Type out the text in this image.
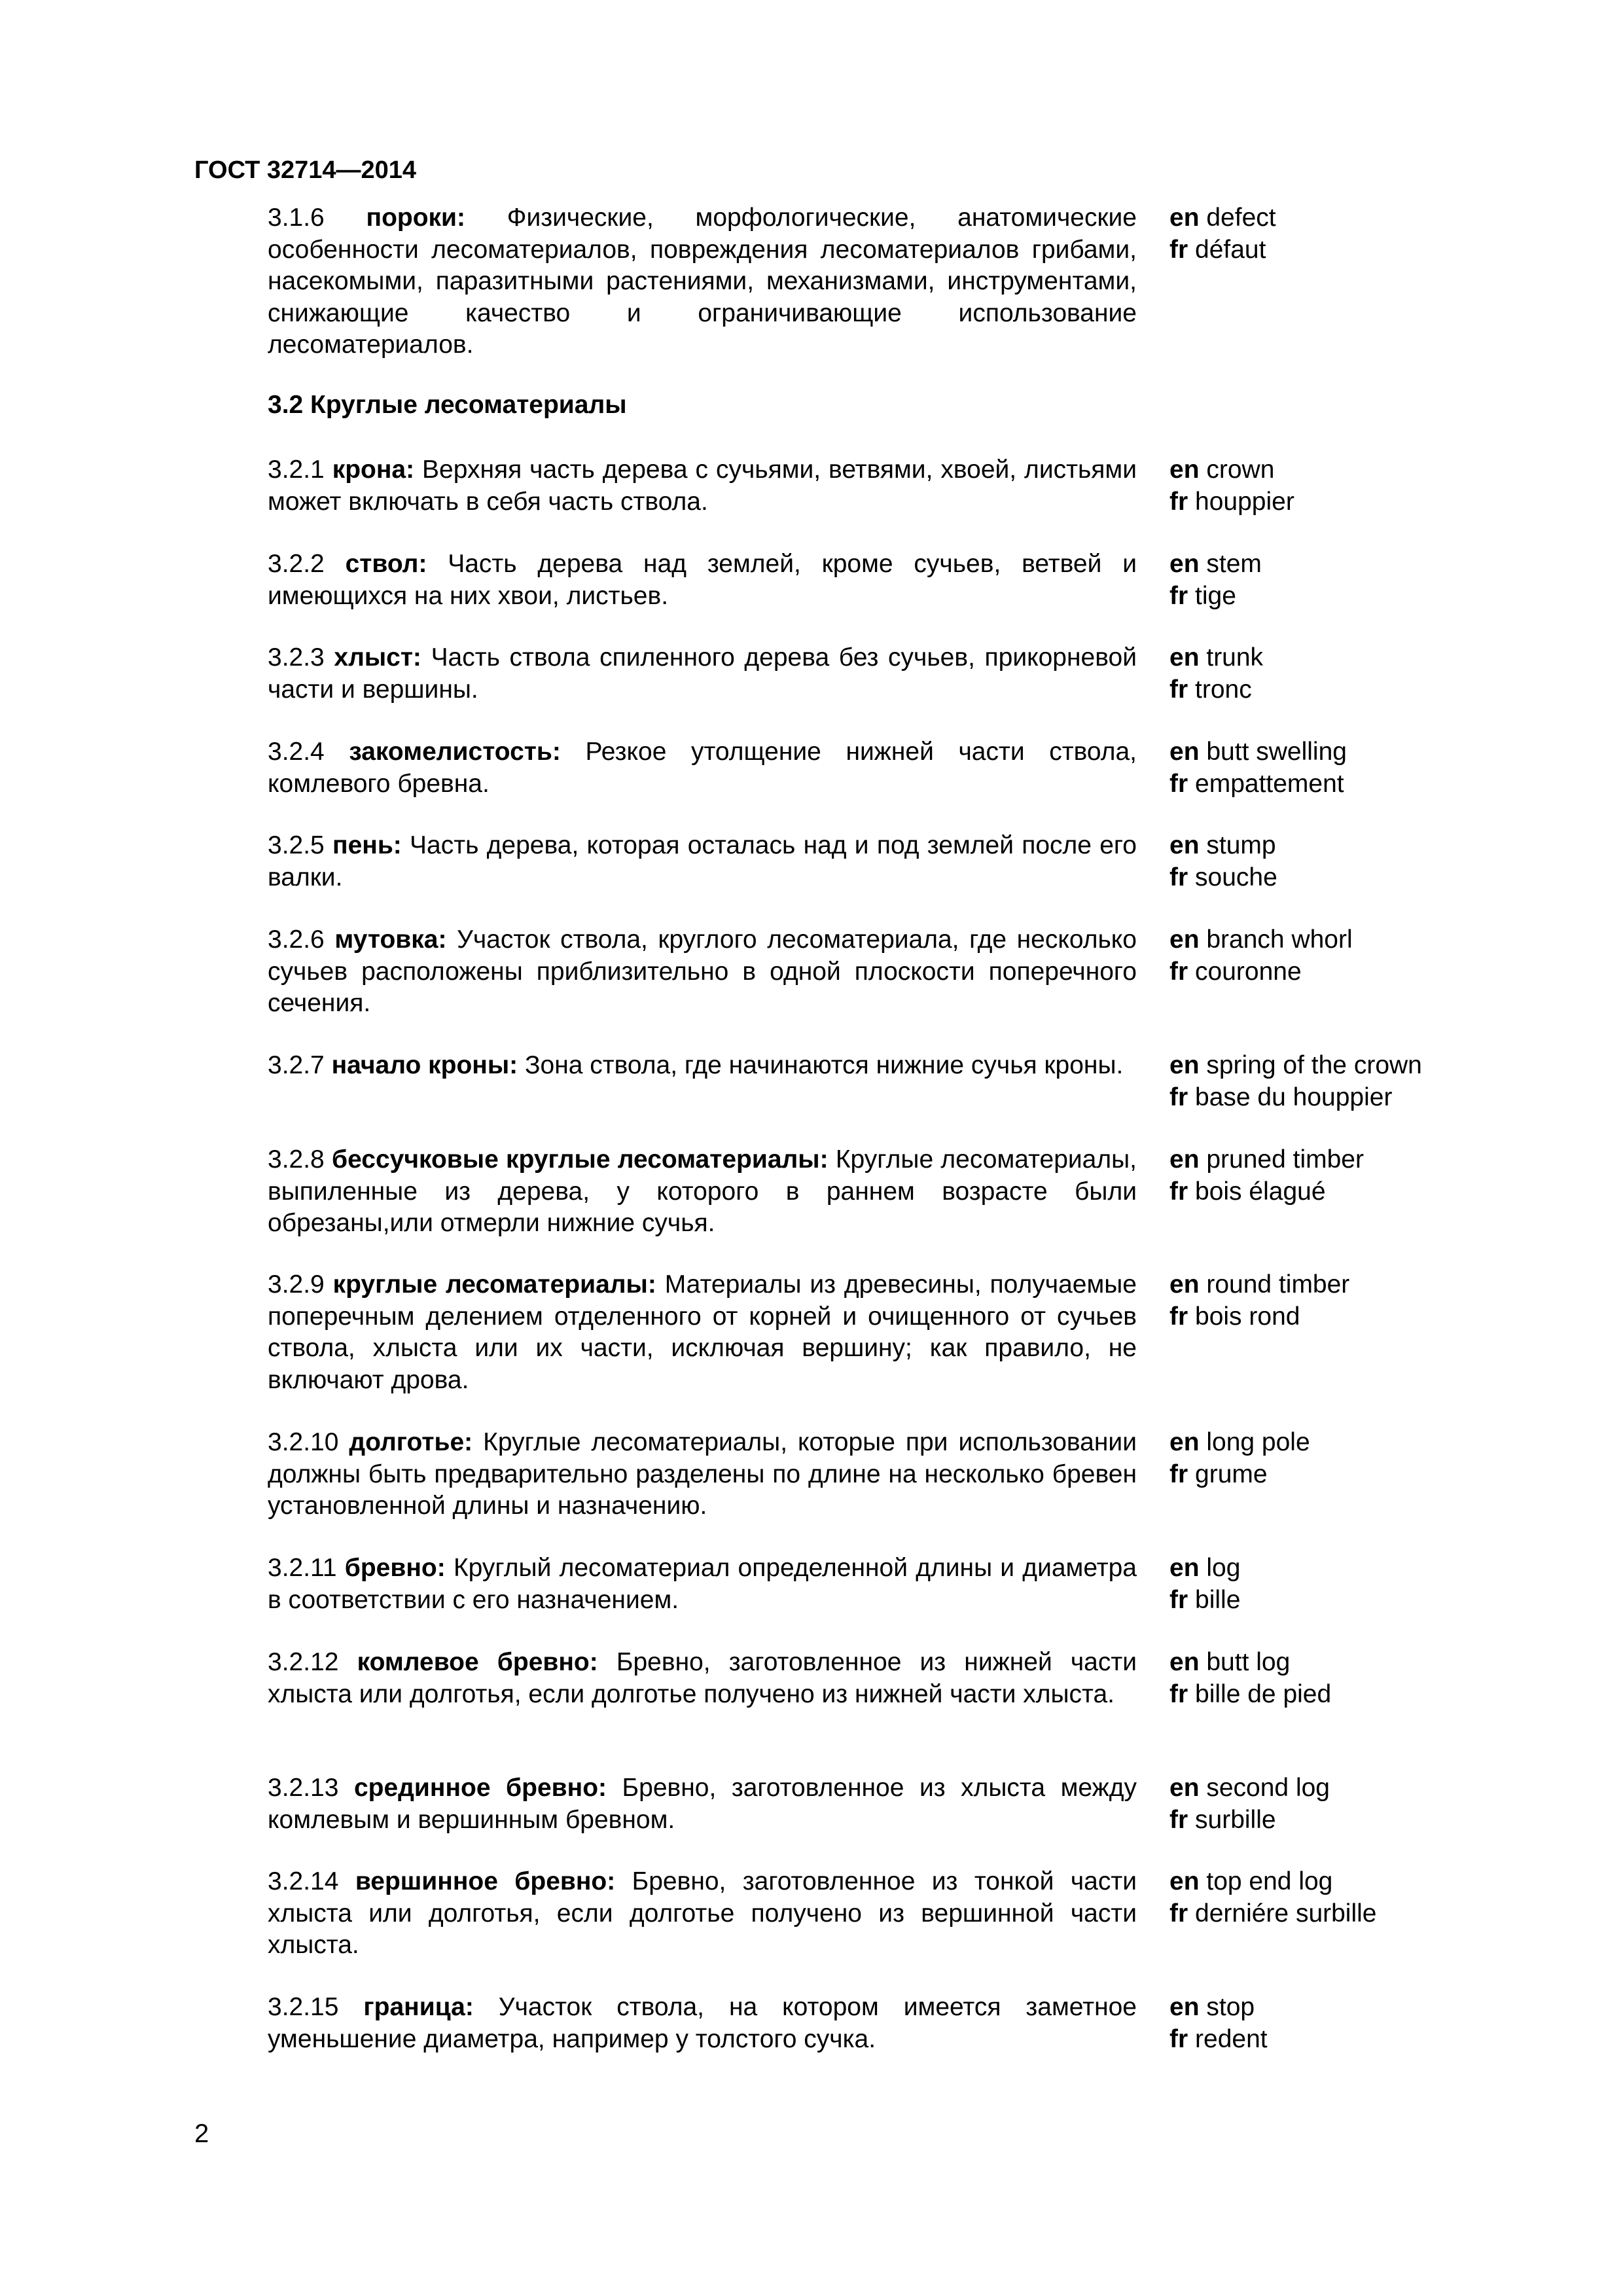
ГОСТ 32714—2014
3.1.6 пороки: Физические, морфологические, анатомические особенности лесоматериалов, повреждения лесоматериалов грибами, насекомыми, паразитными растениями, механизмами, инструментами, снижающие качество и ограничивающие использование лесоматериалов.
en defect
fr défaut
3.2 Круглые лесоматериалы
3.2.1 крона: Верхняя часть дерева с сучьями, ветвями, хвоей, листьями может включать в себя часть ствола.
en crown
fr houppier
3.2.2 ствол: Часть дерева над землей, кроме сучьев, ветвей и имеющихся на них хвои, листьев.
en stem
fr tige
3.2.3 хлыст: Часть ствола спиленного дерева без сучьев, прикорневой части и вершины.
en trunk
fr tronc
3.2.4 закомелистость: Резкое утолщение нижней части ствола, комлевого бревна.
en butt swelling
fr empattement
3.2.5 пень: Часть дерева, которая осталась над и под землей после его валки.
en stump
fr souche
3.2.6 мутовка: Участок ствола, круглого лесоматериала, где несколько сучьев расположены приблизительно в одной плоскости поперечного сечения.
en branch whorl
fr couronne
3.2.7 начало кроны: Зона ствола, где начинаются нижние сучья кроны.	en spring of the crown
fr base du houppier
3.2.8 бессучковые круглые лесоматериалы: Круглые лесоматериалы, выпиленные из дерева, у которого в раннем возрасте были обрезаны,или отмерли нижние сучья.
en pruned timber
fr bois élagué
3.2.9 круглые лесоматериалы: Материалы из древесины, получаемые поперечным делением отделенного от корней и очищенного от сучьев ствола, хлыста или их части, исключая вершину; как правило, не включают дрова.
en round timber
fr bois rond
3.2.10 долготье: Круглые лесоматериалы, которые при использовании должны быть предварительно разделены по длине на несколько бревен установленной длины и назначению.
en long pole
fr grume
3.2.11 бревно: Круглый лесоматериал определенной длины и диаметра в соответствии с его назначением.
en log
fr bille
3.2.12 комлевое бревно: Бревно, заготовленное из нижней части хлыста или долготья, если долготье получено из нижней части хлыста.
en butt log
fr bille de pied
3.2.13 срединное бревно: Бревно, заготовленное из хлыста между комлевым и вершинным бревном.
en second log
fr surbille
3.2.14 вершинное бревно: Бревно, заготовленное из тонкой части хлыста или долготья, если долготье получено из вершинной части хлыста.
en top end log
fr derniére surbille
3.2.15 граница: Участок ствола, на котором имеется заметное уменьшение диаметра, например у толстого сучка.
en stop
fr redent
2
